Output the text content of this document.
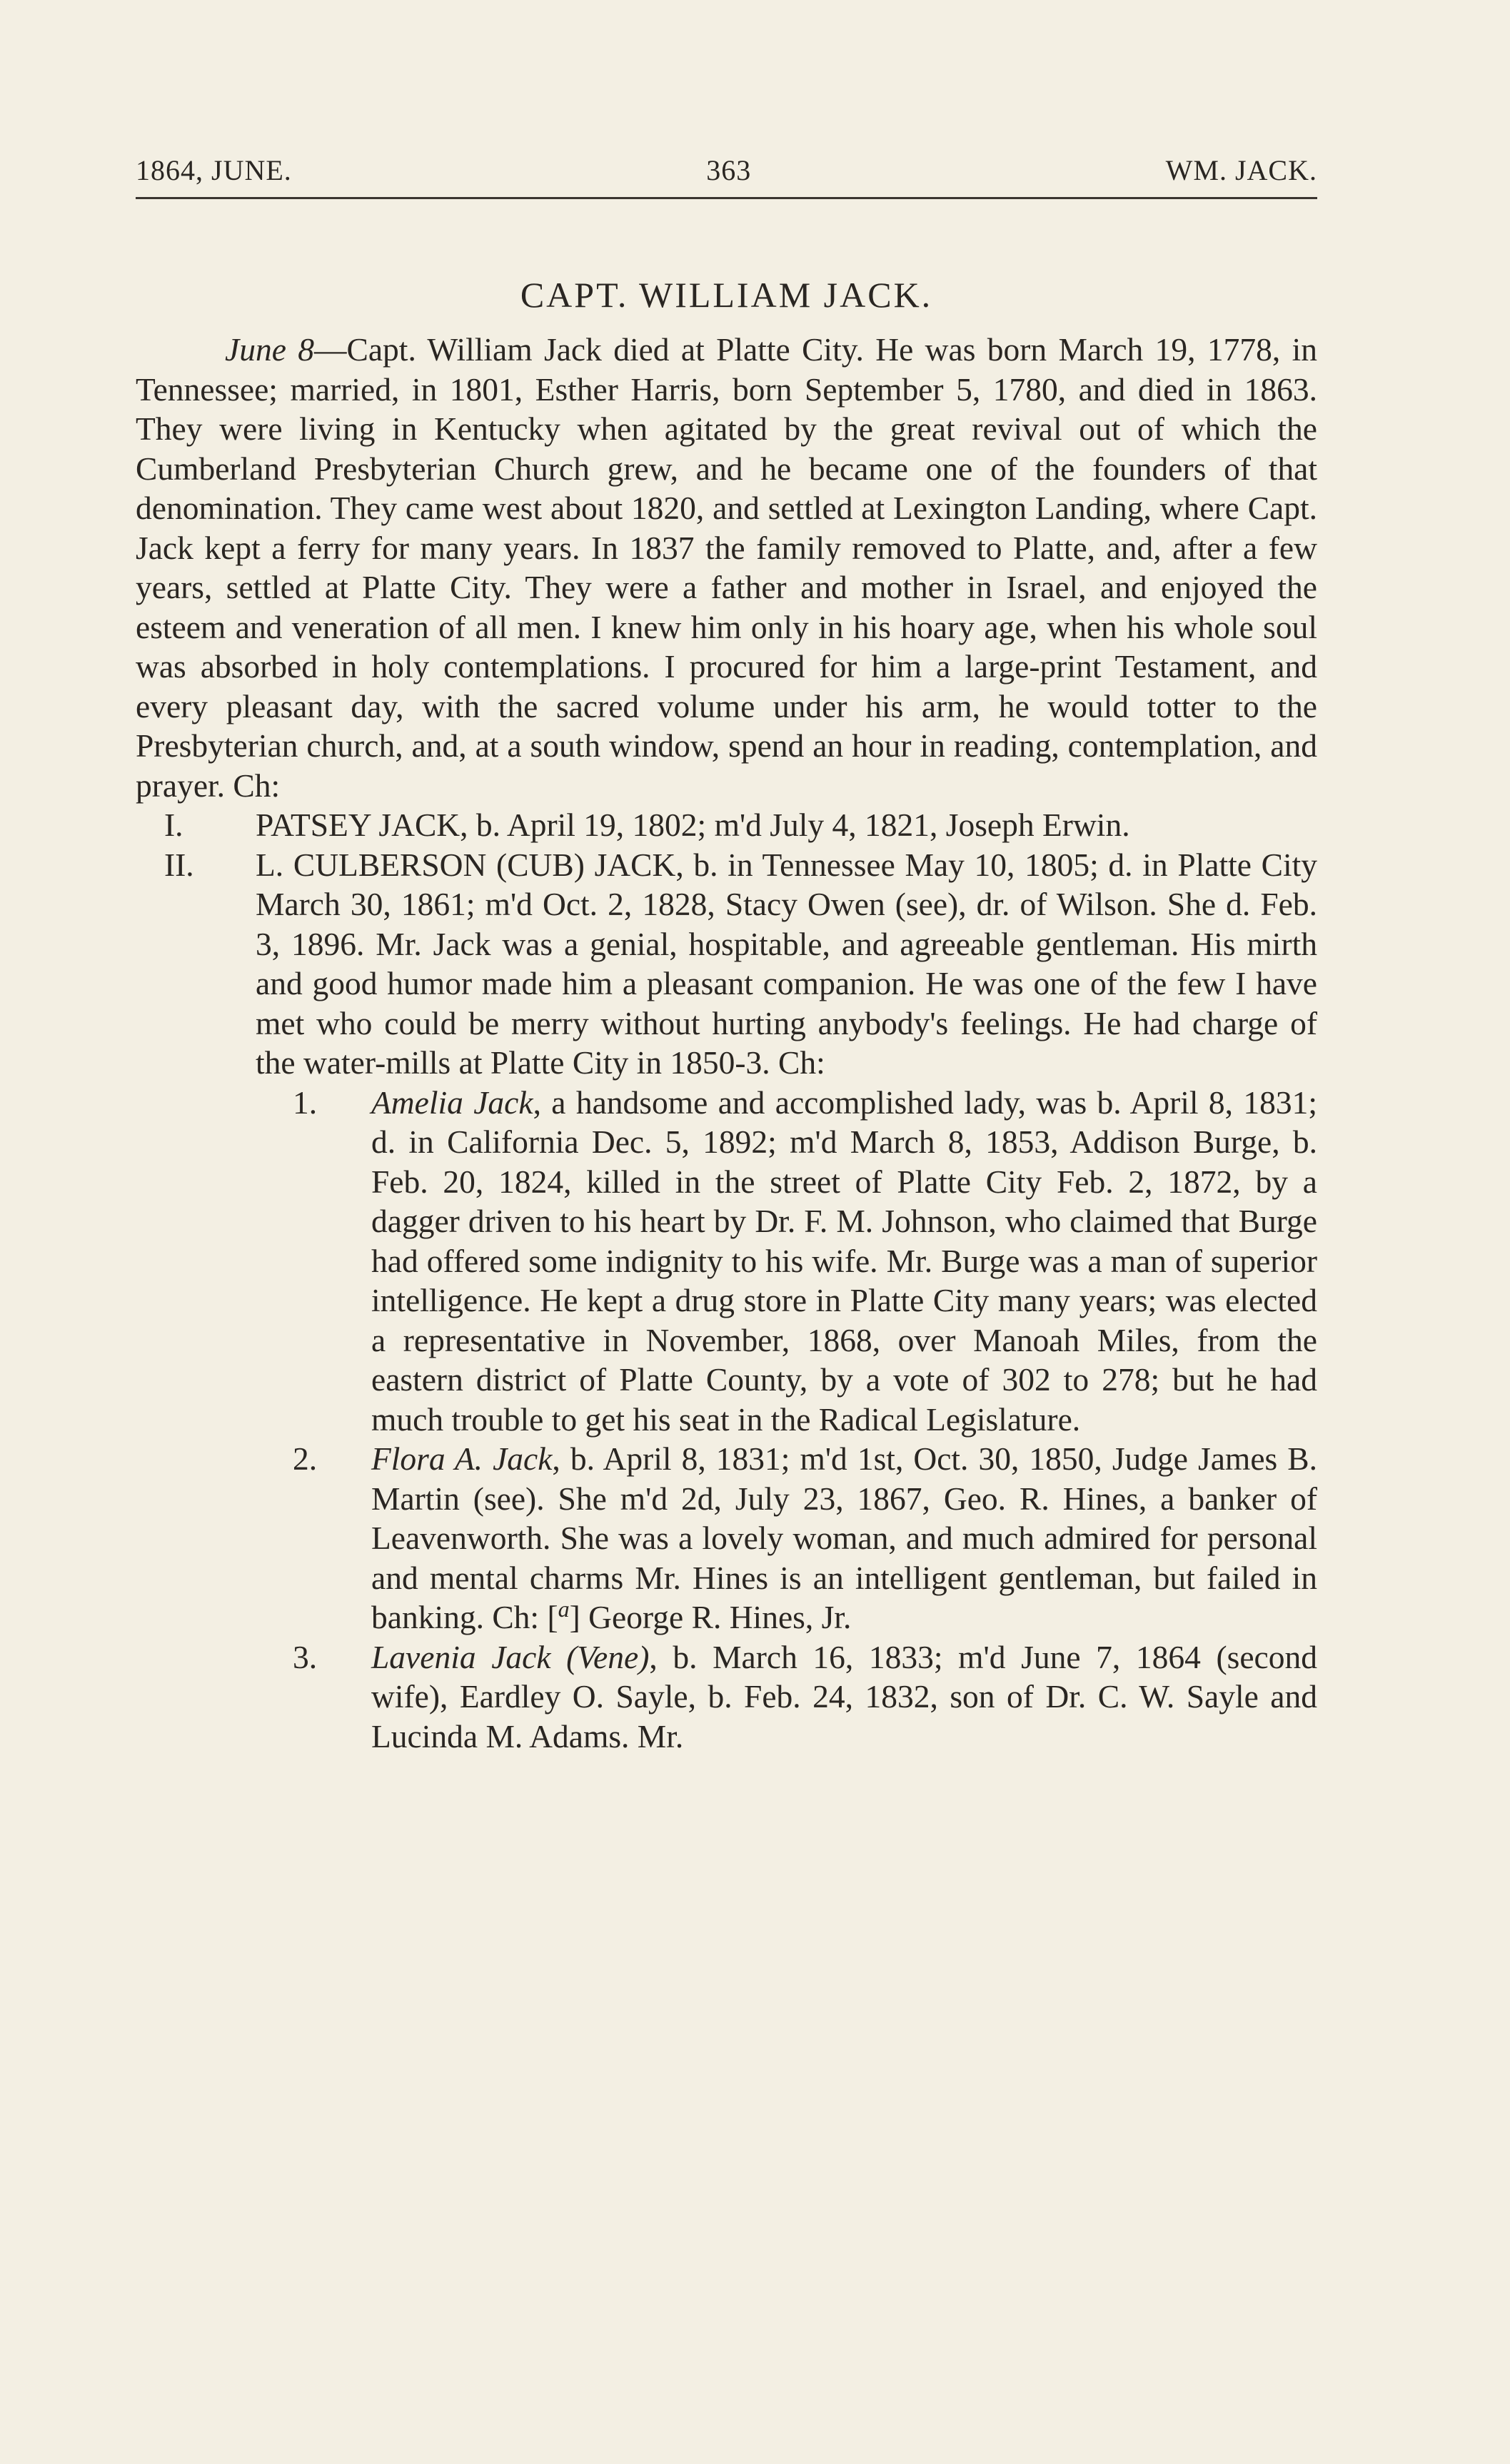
1864, JUNE.	363	WM. JACK.
CAPT. WILLIAM JACK.

June 8—Capt. William Jack died at Platte City. He was born March 19, 1778, in Tennessee; married, in 1801, Esther Harris, born September 5, 1780, and died in 1863. They were living in Kentucky when agitated by the great revival out of which the Cumberland Presbyterian Church grew, and he became one of the founders of that denomination. They came west about 1820, and settled at Lexington Landing, where Capt. Jack kept a ferry for many years. In 1837 the family removed to Platte, and, after a few years, settled at Platte City. They were a father and mother in Israel, and enjoyed the esteem and veneration of all men. I knew him only in his hoary age, when his whole soul was absorbed in holy contemplations. I procured for him a large-print Testament, and every pleasant day, with the sacred volume under his arm, he would totter to the Presbyterian church, and, at a south window, spend an hour in reading, contemplation, and prayer. Ch:

I. PATSEY JACK, b. April 19, 1802; m'd July 4, 1821, Joseph Erwin.
II. L. CULBERSON (CUB) JACK, b. in Tennessee May 10, 1805; d. in Platte City March 30, 1861; m'd Oct. 2, 1828, Stacy Owen (see), dr. of Wilson. She d. Feb. 3, 1896. Mr. Jack was a genial, hospitable, and agreeable gentleman. His mirth and good humor made him a pleasant companion. He was one of the few I have met who could be merry without hurting anybody's feelings. He had charge of the water-mills at Platte City in 1850-3. Ch:
1. Amelia Jack, a handsome and accomplished lady, was b. April 8, 1831; d. in California Dec. 5, 1892; m'd March 8, 1853, Addison Burge, b. Feb. 20, 1824, killed in the street of Platte City Feb. 2, 1872, by a dagger driven to his heart by Dr. F. M. Johnson, who claimed that Burge had offered some indignity to his wife. Mr. Burge was a man of superior intelligence. He kept a drug store in Platte City many years; was elected a representative in November, 1868, over Manoah Miles, from the eastern district of Platte County, by a vote of 302 to 278; but he had much trouble to get his seat in the Radical Legislature.
2. Flora A. Jack, b. April 8, 1831; m'd 1st, Oct. 30, 1850, Judge James B. Martin (see). She m'd 2d, July 23, 1867, Geo. R. Hines, a banker of Leavenworth. She was a lovely woman, and much admired for personal and mental charms Mr. Hines is an intelligent gentleman, but failed in banking. Ch: [$^a$] George R. Hines, Jr.
3. Lavenia Jack (Vene), b. March 16, 1833; m'd June 7, 1864 (second wife), Eardley O. Sayle, b. Feb. 24, 1832, son of Dr. C. W. Sayle and Lucinda M. Adams. Mr.
